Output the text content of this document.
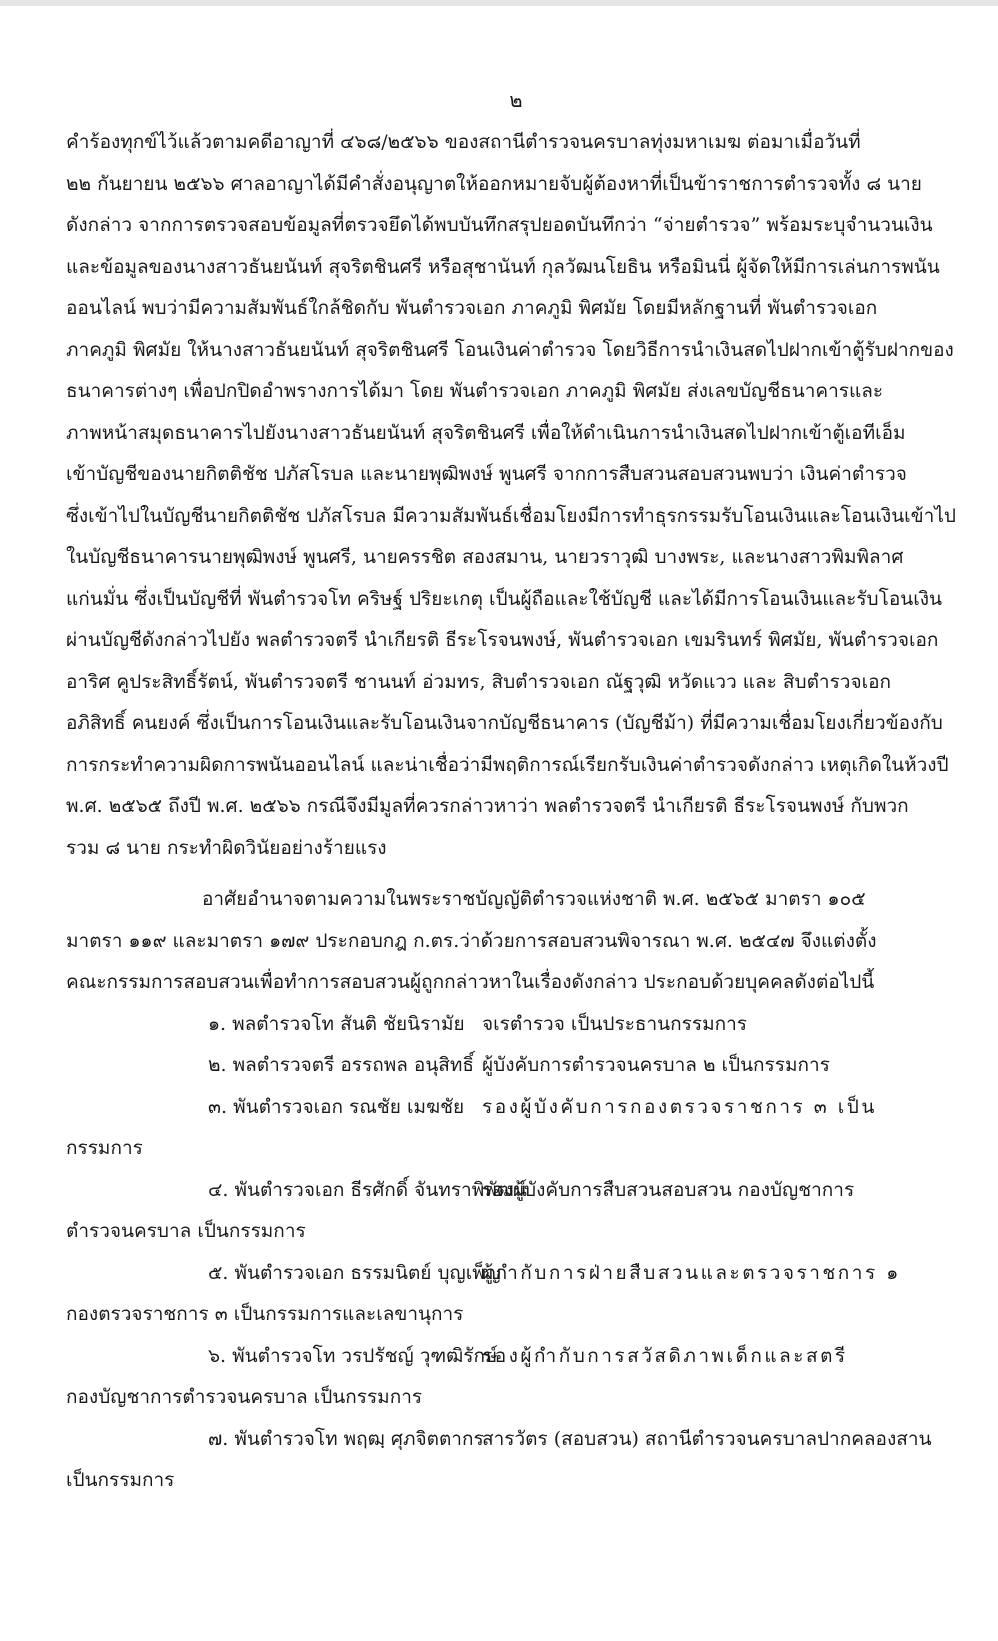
๒
คำร้องทุกข์ไว้แล้วตามคดีอาญาที่ ๔๖๘/๒๕๖๖ ของสถานีตำรวจนครบาลทุ่งมหาเมฆ ต่อมาเมื่อวันที่
๒๒ กันยายน ๒๕๖๖ ศาลอาญาได้มีคำสั่งอนุญาตให้ออกหมายจับผู้ต้องหาที่เป็นข้าราชการตำรวจทั้ง ๘ นาย
ดังกล่าว จากการตรวจสอบข้อมูลที่ตรวจยึดได้พบบันทึกสรุปยอดบันทึกว่า “จ่ายตำรวจ” พร้อมระบุจำนวนเงิน
และข้อมูลของนางสาวธันยนันท์ สุจริตชินศรี หรือสุชานันท์ กุลวัฒนโยธิน หรือมินนี่ ผู้จัดให้มีการเล่นการพนัน
ออนไลน์ พบว่ามีความสัมพันธ์ใกล้ชิดกับ พันตำรวจเอก ภาคภูมิ พิศมัย โดยมีหลักฐานที่ พันตำรวจเอก
ภาคภูมิ พิศมัย ให้นางสาวธันยนันท์ สุจริตชินศรี โอนเงินค่าตำรวจ โดยวิธีการนำเงินสดไปฝากเข้าตู้รับฝากของ
ธนาคารต่างๆ เพื่อปกปิดอำพรางการได้มา โดย พันตำรวจเอก ภาคภูมิ พิศมัย ส่งเลขบัญชีธนาคารและ
ภาพหน้าสมุดธนาคารไปยังนางสาวธันยนันท์ สุจริตชินศรี เพื่อให้ดำเนินการนำเงินสดไปฝากเข้าตู้เอทีเอ็ม
เข้าบัญชีของนายกิตติชัช ปภัสโรบล และนายพุฒิพงษ์ พูนศรี จากการสืบสวนสอบสวนพบว่า เงินค่าตำรวจ
ซึ่งเข้าไปในบัญชีนายกิตติชัช ปภัสโรบล มีความสัมพันธ์เชื่อมโยงมีการทำธุรกรรมรับโอนเงินและโอนเงินเข้าไป
ในบัญชีธนาคารนายพุฒิพงษ์ พูนศรี, นายครรชิต สองสมาน, นายวราวุฒิ บางพระ, และนางสาวพิมพิลาศ
แก่นมั่น ซึ่งเป็นบัญชีที่ พันตำรวจโท คริษฐ์ ปริยะเกตุ เป็นผู้ถือและใช้บัญชี และได้มีการโอนเงินและรับโอนเงิน
ผ่านบัญชีดังกล่าวไปยัง พลตำรวจตรี นำเกียรติ ธีระโรจนพงษ์, พันตำรวจเอก เขมรินทร์ พิศมัย, พันตำรวจเอก
อาริศ คูประสิทธิ์รัตน์, พันตำรวจตรี ชานนท์ อ่วมทร, สิบตำรวจเอก ณัฐวุฒิ หวัดแวว และ สิบตำรวจเอก
อภิสิทธิ์ คนยงค์ ซึ่งเป็นการโอนเงินและรับโอนเงินจากบัญชีธนาคาร (บัญชีม้า) ที่มีความเชื่อมโยงเกี่ยวข้องกับ
การกระทำความผิดการพนันออนไลน์ และน่าเชื่อว่ามีพฤติการณ์เรียกรับเงินค่าตำรวจดังกล่าว เหตุเกิดในห้วงปี
พ.ศ. ๒๕๖๕ ถึงปี พ.ศ. ๒๕๖๖ กรณีจึงมีมูลที่ควรกล่าวหาว่า พลตำรวจตรี นำเกียรติ ธีระโรจนพงษ์ กับพวก
รวม ๘ นาย กระทำผิดวินัยอย่างร้ายแรง
อาศัยอำนาจตามความในพระราชบัญญัติตำรวจแห่งชาติ พ.ศ. ๒๕๖๕ มาตรา ๑๐๕
มาตรา ๑๑๙ และมาตรา ๑๗๙ ประกอบกฎ ก.ตร.ว่าด้วยการสอบสวนพิจารณา พ.ศ. ๒๕๔๗ จึงแต่งตั้ง
คณะกรรมการสอบสวนเพื่อทำการสอบสวนผู้ถูกกล่าวหาในเรื่องดังกล่าว ประกอบด้วยบุคคลดังต่อไปนี้
๑. พลตำรวจโท สันติ ชัยนิรามัย จเรตำรวจ เป็นประธานกรรมการ
๒. พลตำรวจตรี อรรถพล อนุสิทธิ์ ผู้บังคับการตำรวจนครบาล ๒ เป็นกรรมการ
๓. พันตำรวจเอก รณชัย เมฆชัย รองผู้บังคับการกองตรวจราชการ ๓ เป็น
กรรมการ
๔. พันตำรวจเอก ธีรศักดิ์ จันทราพิพัฒน์
รองผู้บังคับการสืบสวนสอบสวน กองบัญชาการ
ตำรวจนครบาล เป็นกรรมการ
๕. พันตำรวจเอก ธรรมนิตย์ บุญเพ็ญ
ผู้กำกับการฝ่ายสืบสวนและตรวจราชการ ๑
กองตรวจราชการ ๓ เป็นกรรมการและเลขานุการ
๖. พันตำรวจโท วรปรัชญ์ วุฑฒิรักษ์
รองผู้กำกับการสวัสดิภาพเด็กและสตรี
กองบัญชาการตำรวจนครบาล เป็นกรรมการ
๗. พันตำรวจโท พฤฒฺ ศุภจิตตากร
สารวัตร (สอบสวน) สถานีตำรวจนครบาลปากคลองสาน
เป็นกรรมการ
